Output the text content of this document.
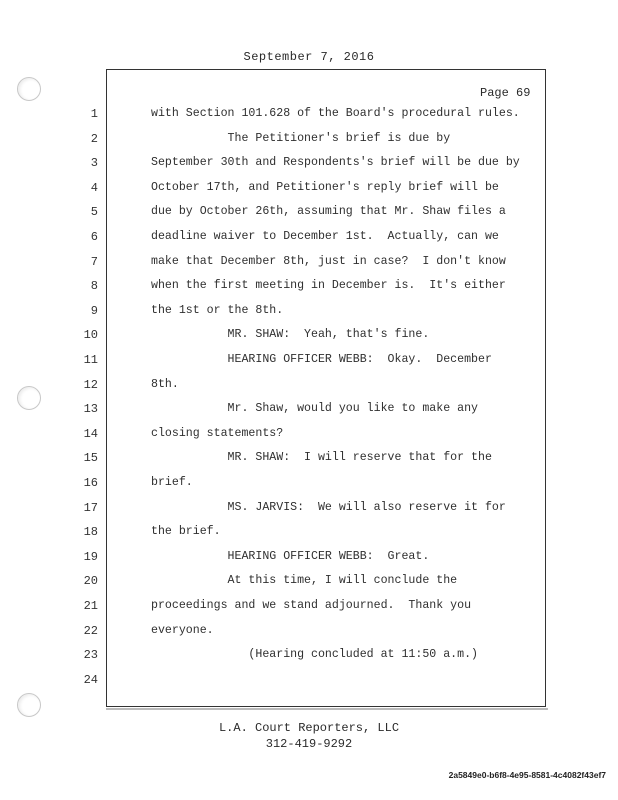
September 7, 2016
Page 69
1	with Section 101.628 of the Board's procedural rules.
2	The Petitioner's brief is due by
3	September 30th and Respondents's brief will be due by
4	October 17th, and Petitioner's reply brief will be
5	due by October 26th, assuming that Mr. Shaw files a
6	deadline waiver to December 1st.  Actually, can we
7	make that December 8th, just in case?  I don't know
8	when the first meeting in December is.  It's either
9	the 1st or the 8th.
10	MR. SHAW:  Yeah, that's fine.
11	HEARING OFFICER WEBB:  Okay.  December
12	8th.
13	Mr. Shaw, would you like to make any
14	closing statements?
15	MR. SHAW:  I will reserve that for the
16	brief.
17	MS. JARVIS:  We will also reserve it for
18	the brief.
19	HEARING OFFICER WEBB:  Great.
20	At this time, I will conclude the
21	proceedings and we stand adjourned.  Thank you
22	everyone.
23	(Hearing concluded at 11:50 a.m.)
24
L.A. Court Reporters, LLC
312-419-9292
2a5849e0-b6f8-4e95-8581-4c4082f43ef7
